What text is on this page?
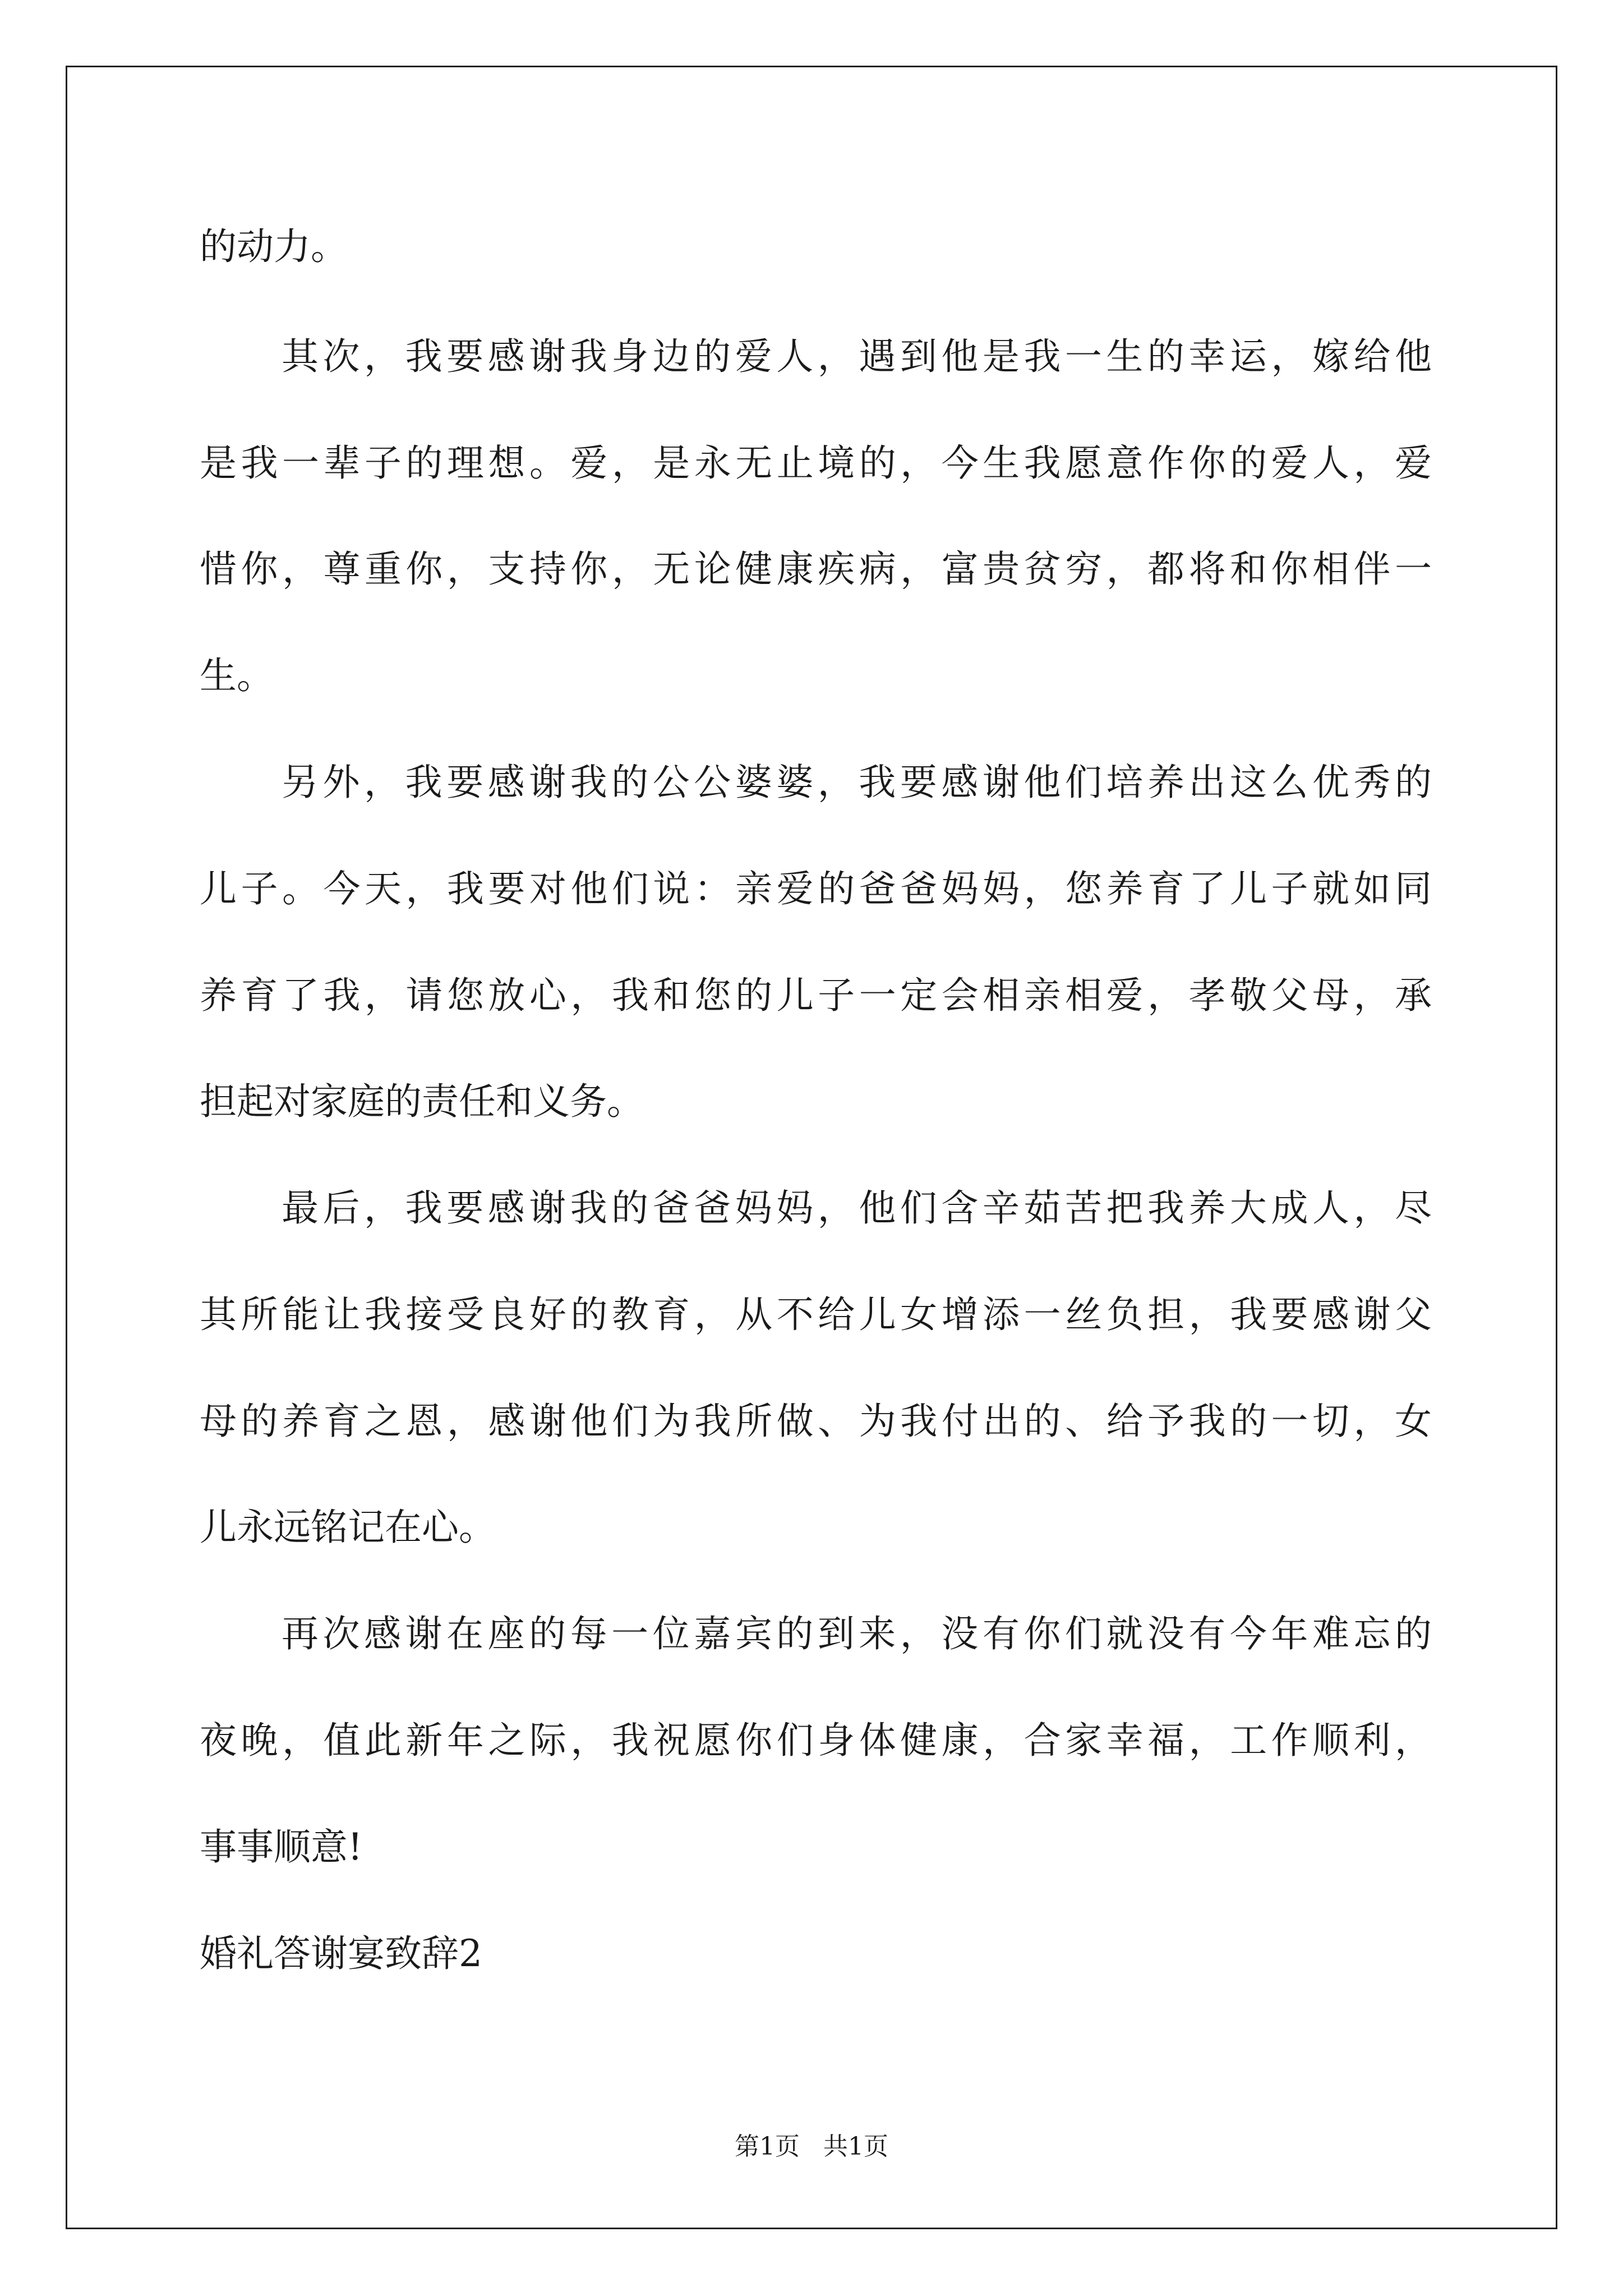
的动力。
其次，我要感谢我身边的爱人，遇到他是我一生的幸运，嫁给他
是我一辈子的理想。爱，是永无止境的，今生我愿意作你的爱人，爱
惜你，尊重你，支持你，无论健康疾病，富贵贫穷，都将和你相伴一
生。
另外，我要感谢我的公公婆婆，我要感谢他们培养出这么优秀的
儿子。今天，我要对他们说：亲爱的爸爸妈妈，您养育了儿子就如同
养育了我，请您放心，我和您的儿子一定会相亲相爱，孝敬父母，承
担起对家庭的责任和义务。
最后，我要感谢我的爸爸妈妈，他们含辛茹苦把我养大成人，尽
其所能让我接受良好的教育，从不给儿女增添一丝负担，我要感谢父
母的养育之恩，感谢他们为我所做、为我付出的、给予我的一切，女
儿永远铭记在心。
再次感谢在座的每一位嘉宾的到来，没有你们就没有今年难忘的
夜晚，值此新年之际，我祝愿你们身体健康，合家幸福，工作顺利，
事事顺意!
婚礼答谢宴致辞2
第1页   共1页
